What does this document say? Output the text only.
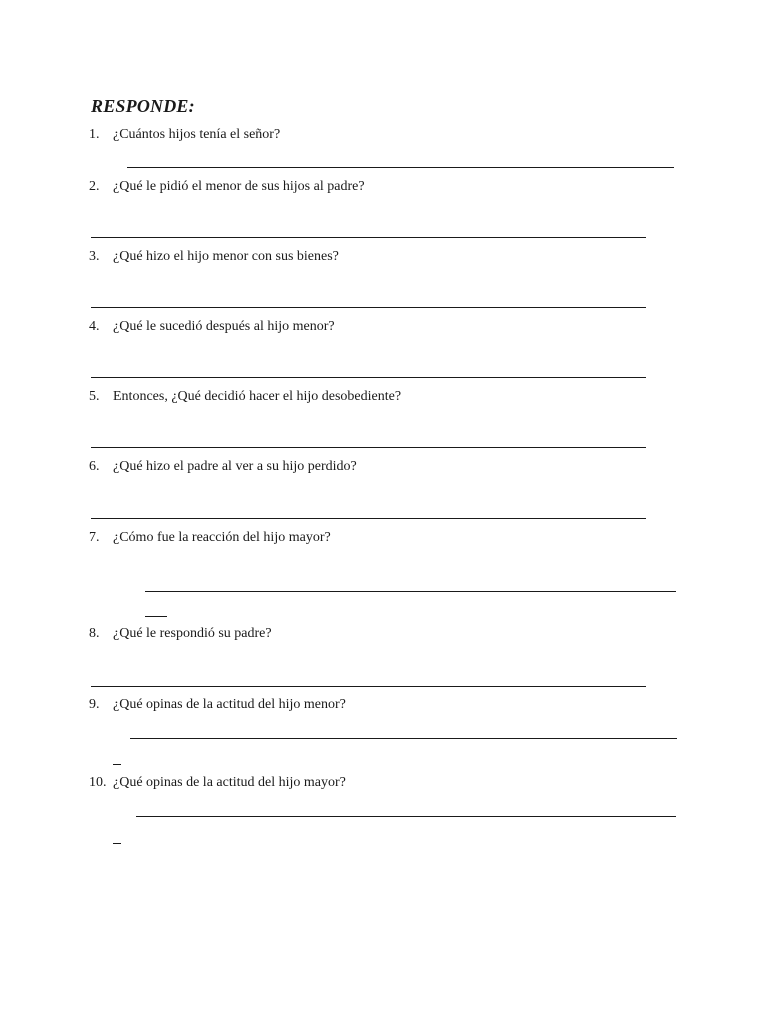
RESPONDE:
1. ¿Cuántos hijos tenía el señor?
2. ¿Qué le pidió el menor de sus hijos al padre?
3. ¿Qué hizo el hijo menor con sus bienes?
4. ¿Qué le sucedió después al hijo menor?
5. Entonces, ¿Qué decidió hacer el hijo desobediente?
6. ¿Qué hizo el padre al ver a su hijo perdido?
7. ¿Cómo fue la reacción del hijo mayor?
8. ¿Qué le respondió su padre?
9. ¿Qué opinas de la actitud del hijo menor?
10. ¿Qué opinas de la actitud del hijo mayor?
